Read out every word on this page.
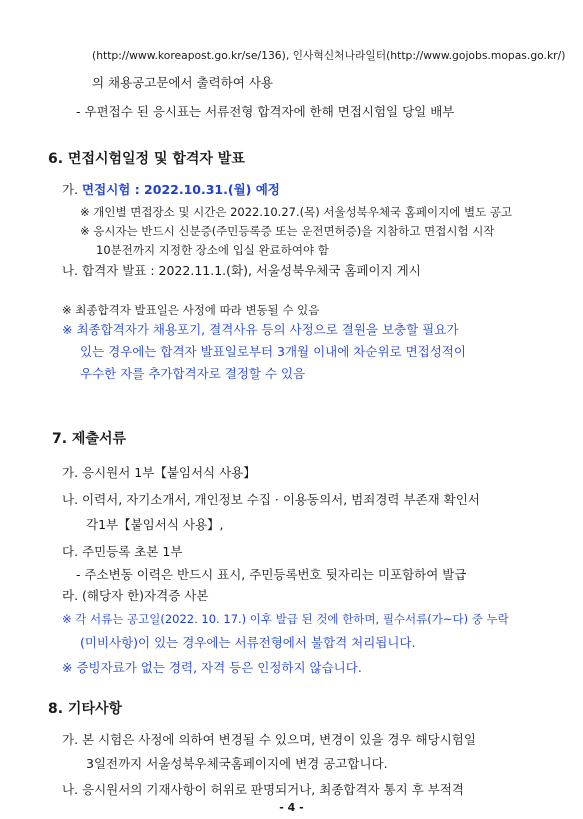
(http://www.koreapost.go.kr/se/136), 인사혁신처나라일터(http://www.gojobs.mopas.go.kr/)
의 채용공고문에서 출력하여 사용
- 우편접수 된 응시표는 서류전형 합격자에 한해 면접시험일 당일 배부
6. 면접시험일정 및 합격자 발표
가. 면접시험 : 2022.10.31.(월) 예정
※ 개인별 면접장소 및 시간은 2022.10.27.(목) 서울성북우체국 홈페이지에 별도 공고
※ 응시자는 반드시 신분증(주민등록증 또는 운전면허증)을 지참하고 면접시험 시작
10분전까지 지정한 장소에 입실 완료하여야 함
나. 합격자 발표 : 2022.11.1.(화), 서울성북우체국 홈페이지 게시
※ 최종합격자 발표일은 사정에 따라 변동될 수 있음
※ 최종합격자가 채용포기, 결격사유 등의 사정으로 결원을 보충할 필요가
있는 경우에는 합격자 발표일로부터 3개월 이내에 차순위로 면접성적이
우수한 자를 추가합격자로 결정할 수 있음
7. 제출서류
가. 응시원서 1부【붙임서식 사용】
나. 이력서, 자기소개서, 개인정보 수집 · 이용동의서, 범죄경력 부존재 확인서
각1부【붙임서식 사용】,
다. 주민등록 초본 1부
- 주소변동 이력은 반드시 표시, 주민등록번호 뒷자리는 미포함하여 발급
라. (해당자 한)자격증 사본
※ 각 서류는 공고일(2022. 10. 17.) 이후 발급 된 것에 한하며, 필수서류(가~다) 중 누락
(미비사항)이 있는 경우에는 서류전형에서 불합격 처리됩니다.
※ 증빙자료가 없는 경력, 자격 등은 인정하지 않습니다.
8. 기타사항
가. 본 시험은 사정에 의하여 변경될 수 있으며, 변경이 있을 경우 해당시험일
3일전까지 서울성북우체국홈페이지에 변경 공고합니다.
나. 응시원서의 기재사항이 허위로 판명되거나, 최종합격자 통지 후 부적격
- 4 -
